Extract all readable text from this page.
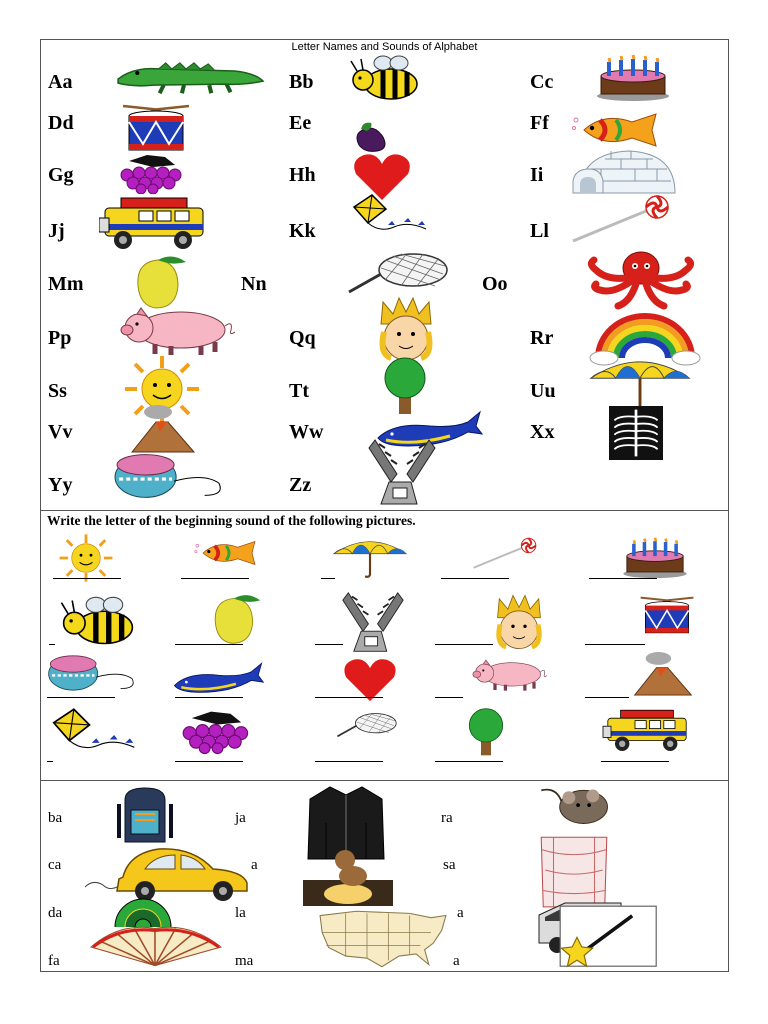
Letter Names and Sounds of Alphabet
Aa	Bb	Cc
Dd	Ee	Ff
Gg	Hh	Ii
Jj	Kk	Ll
Mm	Nn	Oo
Pp	Qq	Rr
Ss	Tt	Uu
Vv	Ww	Xx
Yy	Zz
Write the letter of the beginning sound of the following pictures.
ba	ja	ra
ca	a	sa
da	la	a
fa	ma	a
